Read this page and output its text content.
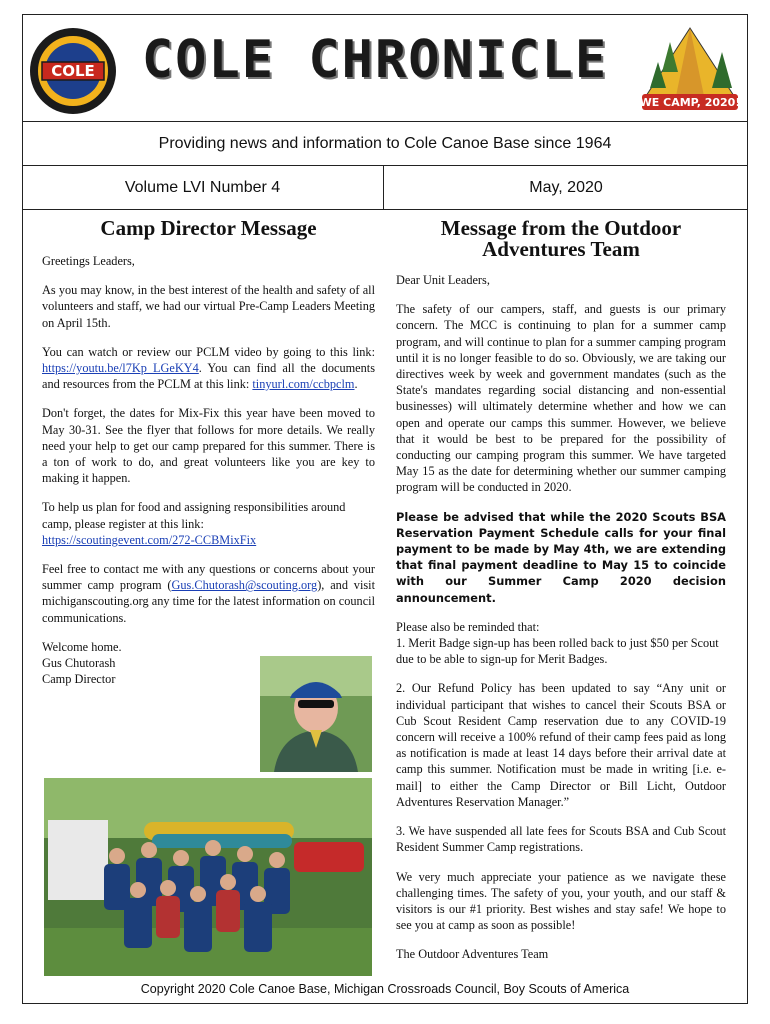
COLE COLE CHRONICLE
WE CAMP, 2020!
Providing news and information to Cole Canoe Base since 1964
Volume LVI Number 4	May, 2020
Camp Director Message

Greetings Leaders,

As you may know, in the best interest of the health and safety of all volunteers and staff, we had our virtual Pre-Camp Leaders Meeting on April 15th.

You can watch or review our PCLM video by going to this link: https://youtu.be/l7Kp_LGeKY4. You can find all the documents and resources from the PCLM at this link: tinyurl.com/ccbpclm.

Don't forget, the dates for Mix-Fix this year have been moved to May 30-31. See the flyer that follows for more details. We really need your help to get our camp prepared for this summer. There is a ton of work to do, and great volunteers like you are key to making it happen.

To help us plan for food and assigning responsibilities around camp, please register at this link:
https://scoutingevent.com/272-CCBMixFix

Feel free to contact me with any questions or concerns about your summer camp program (Gus.Chutorash@scouting.org), and visit michiganscouting.org any time for the latest information on council communications.

Welcome home.
Gus Chutorash
Camp Director

Message from the Outdoor Adventures Team

Dear Unit Leaders,

The safety of our campers, staff, and guests is our primary concern. The MCC is continuing to plan for a summer camp program, and will continue to plan for a summer camping program until it is no longer feasible to do so. Obviously, we are taking our directives week by week and government mandates (such as the State's mandates regarding social distancing and non-essential businesses) will ultimately determine whether and how we can open and operate our camps this summer. However, we believe that it would be best to be prepared for the possibility of conducting our camping program this summer. We have targeted May 15 as the date for determining whether our summer camping program will be conducted in 2020.

Please be advised that while the 2020 Scouts BSA Reservation Payment Schedule calls for your final payment to be made by May 4th, we are extending that final payment deadline to May 15 to coincide with our Summer Camp 2020 decision announcement.

Please also be reminded that:
1. Merit Badge sign-up has been rolled back to just $50 per Scout due to be able to sign-up for Merit Badges.

2. Our Refund Policy has been updated to say “Any unit or individual participant that wishes to cancel their Scouts BSA or Cub Scout Resident Camp reservation due to any COVID-19 concern will receive a 100% refund of their camp fees paid as long as notification is made at least 14 days before their arrival date at camp this summer. Notification must be made in writing [i.e. e-mail] to either the Camp Director or Bill Licht, Outdoor Adventures Reservation Manager.”

3. We have suspended all late fees for Scouts BSA and Cub Scout Resident Summer Camp registrations.

We very much appreciate your patience as we navigate these challenging times. The safety of you, your youth, and our staff & visitors is our #1 priority. Best wishes and stay safe! We hope to see you at camp as soon as possible!

The Outdoor Adventures Team

Copyright 2020 Cole Canoe Base, Michigan Crossroads Council, Boy Scouts of America
